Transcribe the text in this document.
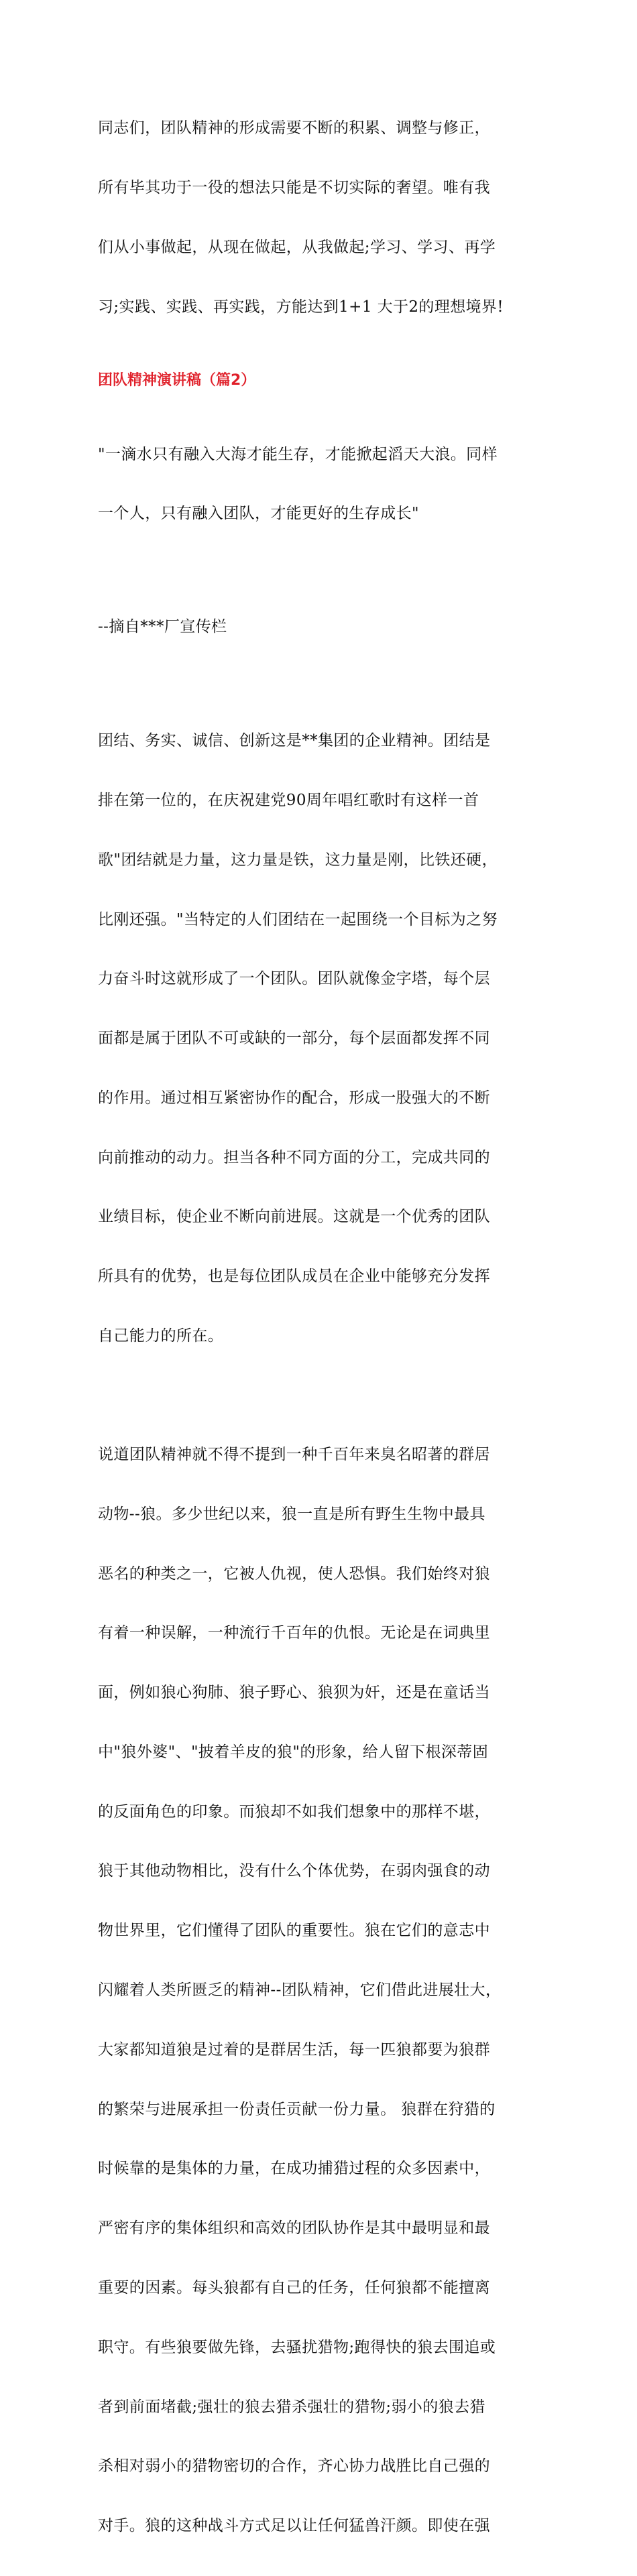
同志们，团队精神的形成需要不断的积累、调整与修正，

所有毕其功于一役的想法只能是不切实际的奢望。唯有我

们从小事做起，从现在做起，从我做起;学习、学习、再学

习;实践、实践、再实践，方能达到1+1 大于2的理想境界!

团队精神演讲稿（篇2）

"一滴水只有融入大海才能生存，才能掀起滔天大浪。同样

一个人，只有融入团队，才能更好的生存成长"

--摘自***厂宣传栏

团结、务实、诚信、创新这是**集团的企业精神。团结是

排在第一位的，在庆祝建党90周年唱红歌时有这样一首

歌"团结就是力量，这力量是铁，这力量是刚，比铁还硬，

比刚还强。"当特定的人们团结在一起围绕一个目标为之努

力奋斗时这就形成了一个团队。团队就像金字塔，每个层

面都是属于团队不可或缺的一部分，每个层面都发挥不同

的作用。通过相互紧密协作的配合，形成一股强大的不断

向前推动的动力。担当各种不同方面的分工，完成共同的

业绩目标，使企业不断向前进展。这就是一个优秀的团队

所具有的优势，也是每位团队成员在企业中能够充分发挥

自己能力的所在。

说道团队精神就不得不提到一种千百年来臭名昭著的群居

动物--狼。多少世纪以来，狼一直是所有野生生物中最具

恶名的种类之一，它被人仇视，使人恐惧。我们始终对狼

有着一种误解，一种流行千百年的仇恨。无论是在词典里

面，例如狼心狗肺、狼子野心、狼狈为奸，还是在童话当

中"狼外婆"、"披着羊皮的狼"的形象，给人留下根深蒂固

的反面角色的印象。而狼却不如我们想象中的那样不堪，

狼于其他动物相比，没有什么个体优势，在弱肉强食的动

物世界里，它们懂得了团队的重要性。狼在它们的意志中

闪耀着人类所匮乏的精神--团队精神，它们借此进展壮大，

大家都知道狼是过着的是群居生活，每一匹狼都要为狼群

的繁荣与进展承担一份责任贡献一份力量。 狼群在狩猎的

时候靠的是集体的力量，在成功捕猎过程的众多因素中，

严密有序的集体组织和高效的团队协作是其中最明显和最

重要的因素。每头狼都有自己的任务，任何狼都不能擅离

职守。有些狼要做先锋，去骚扰猎物;跑得快的狼去围追或

者到前面堵截;强壮的狼去猎杀强壮的猎物;弱小的狼去猎

杀相对弱小的猎物密切的合作，齐心协力战胜比自己强的

对手。狼的这种战斗方式足以让任何猛兽汗颜。即使在强
